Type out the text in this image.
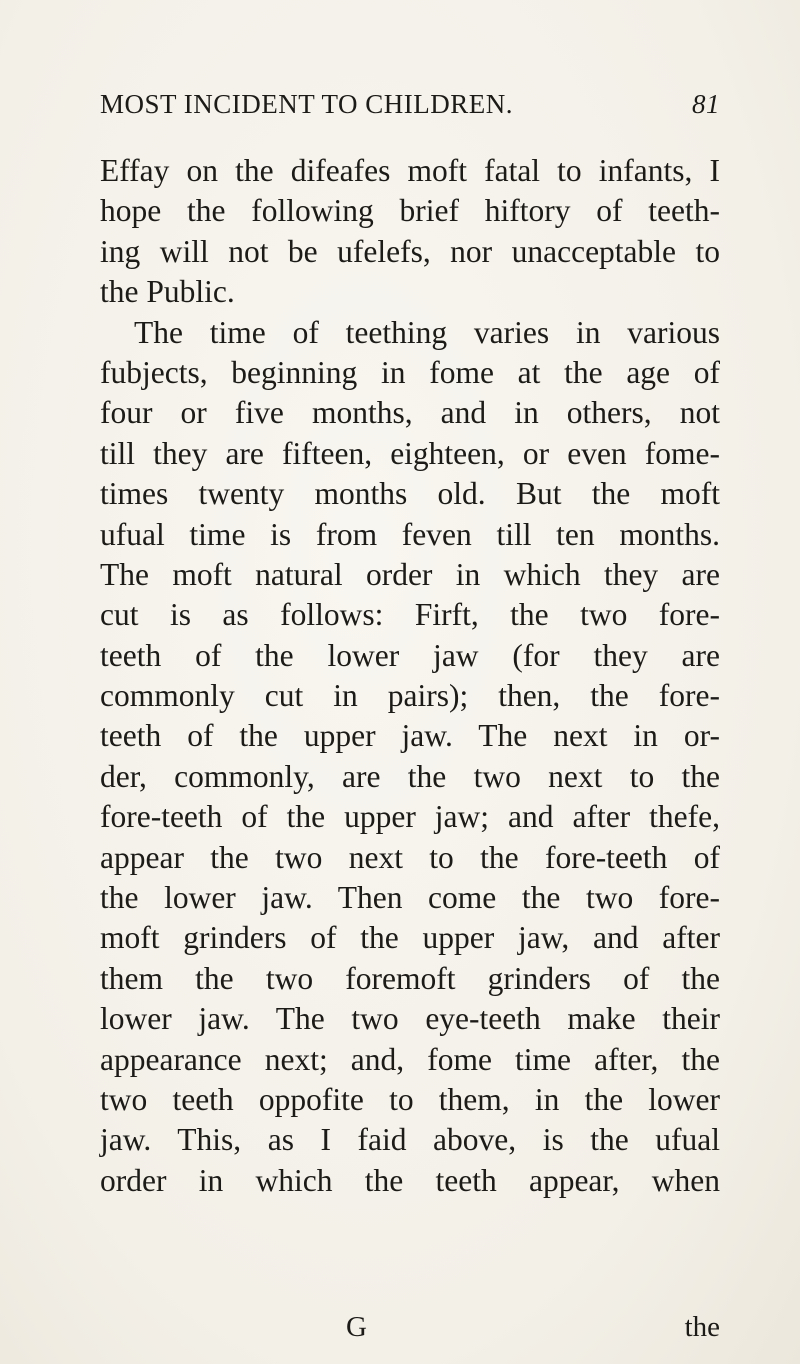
MOST INCIDENT TO CHILDREN.	81
Effay on the difeafes moft fatal to infants, I
hope the following brief hiftory of teeth-
ing will not be ufelefs, nor unacceptable to
the Public.
The time of teething varies in various
fubjects, beginning in fome at the age of
four or five months, and in others, not
till they are fifteen, eighteen, or even fome-
times twenty months old. But the moft
ufual time is from feven till ten months.
The moft natural order in which they are
cut is as follows: Firft, the two fore-
teeth of the lower jaw (for they are
commonly cut in pairs); then, the fore-
teeth of the upper jaw. The next in or-
der, commonly, are the two next to the
fore-teeth of the upper jaw; and after thefe,
appear the two next to the fore-teeth of
the lower jaw. Then come the two fore-
moft grinders of the upper jaw, and after
them the two foremoft grinders of the
lower jaw. The two eye-teeth make their
appearance next; and, fome time after, the
two teeth oppofite to them, in the lower
jaw. This, as I faid above, is the ufual
order in which the teeth appear, when
G	the
